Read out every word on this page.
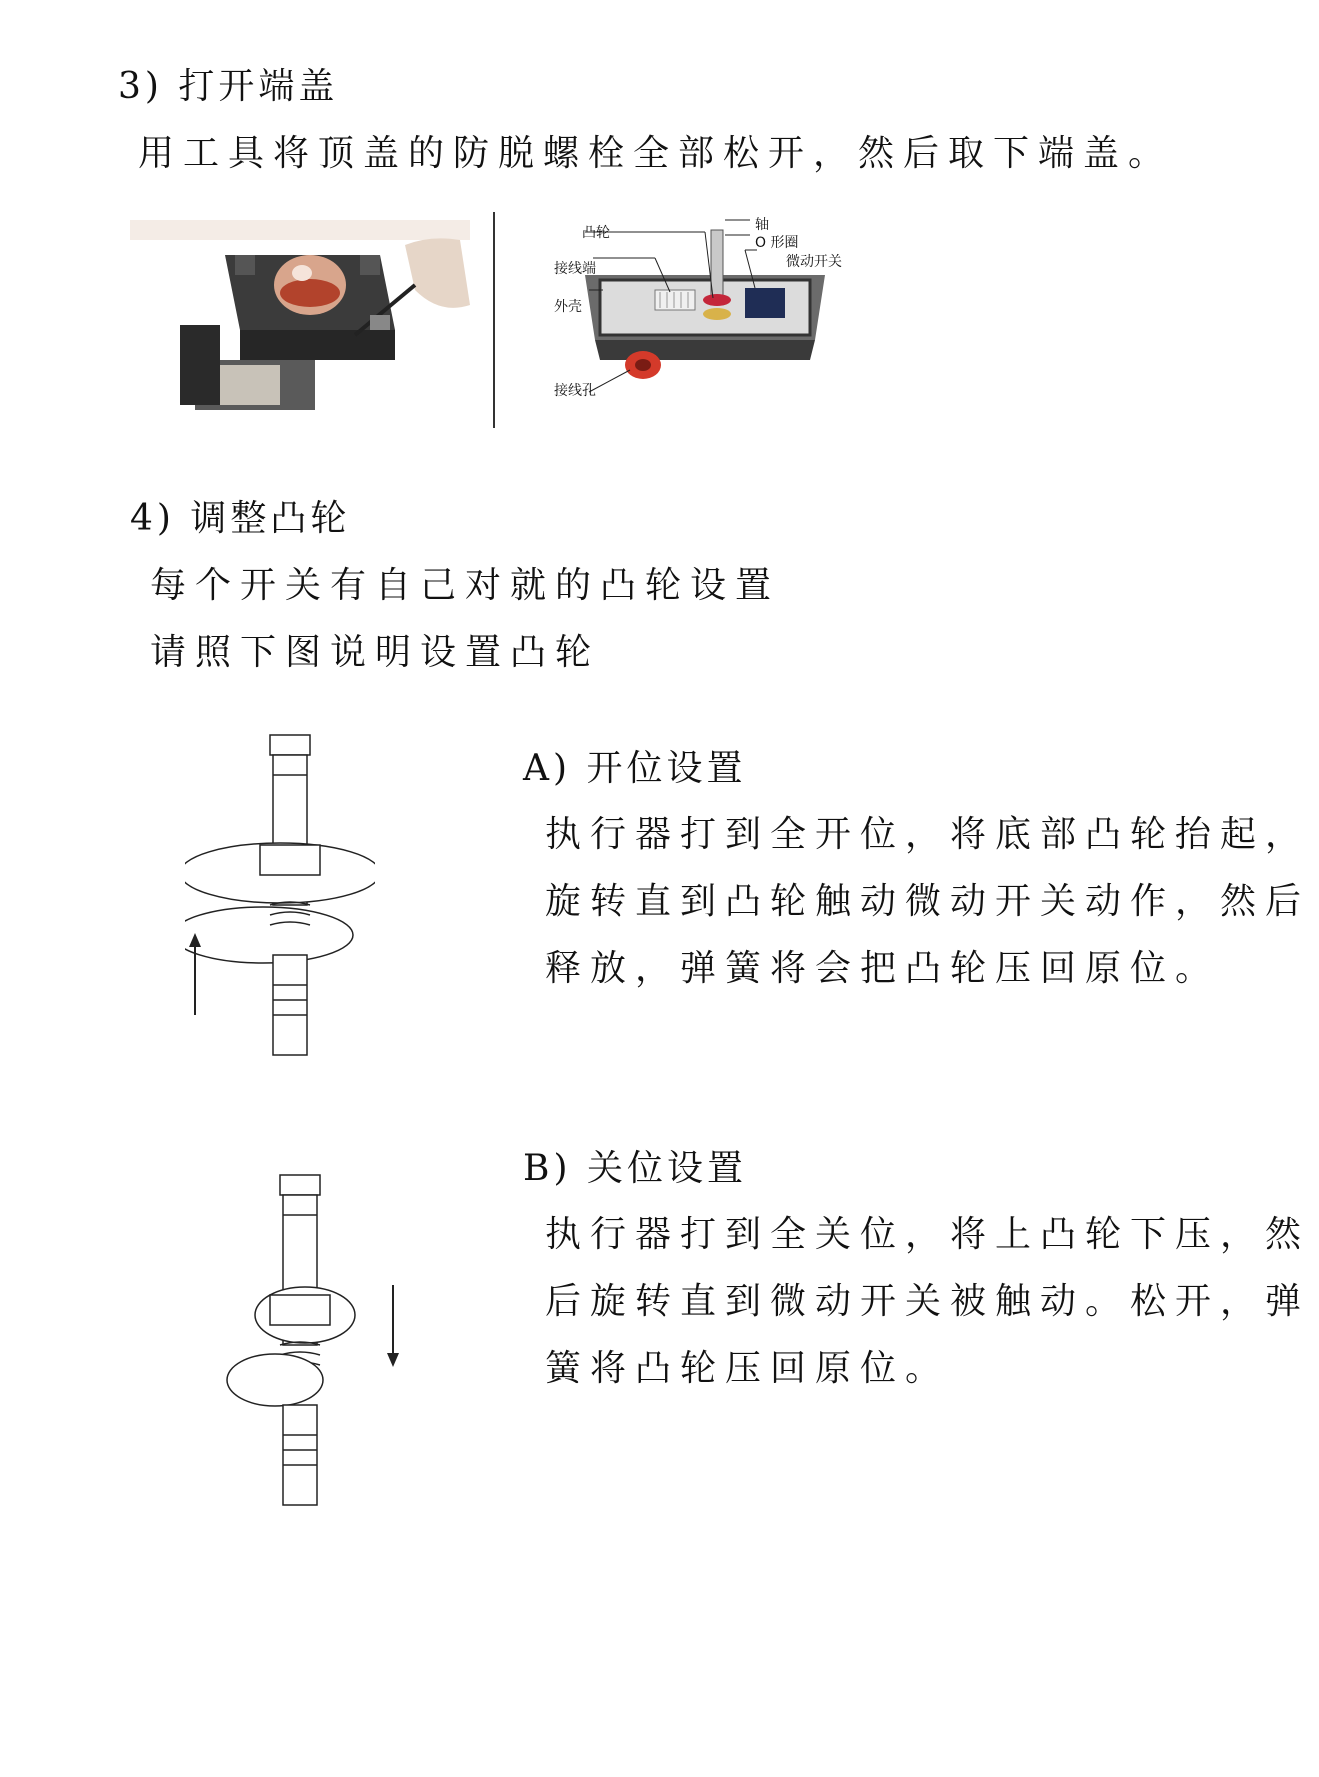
3) 打开端盖
用工具将顶盖的防脱螺栓全部松开，然后取下端盖。
凸轮	轴
O 形圈
接线端	微动开关
外壳
接线孔
4) 调整凸轮
每个开关有自己对就的凸轮设置
请照下图说明设置凸轮
A) 开位设置
执行器打到全开位，将底部凸轮抬起，
旋转直到凸轮触动微动开关动作，然后
释放，弹簧将会把凸轮压回原位。
B) 关位设置
执行器打到全关位，将上凸轮下压，然
后旋转直到微动开关被触动。松开，弹
簧将凸轮压回原位。
